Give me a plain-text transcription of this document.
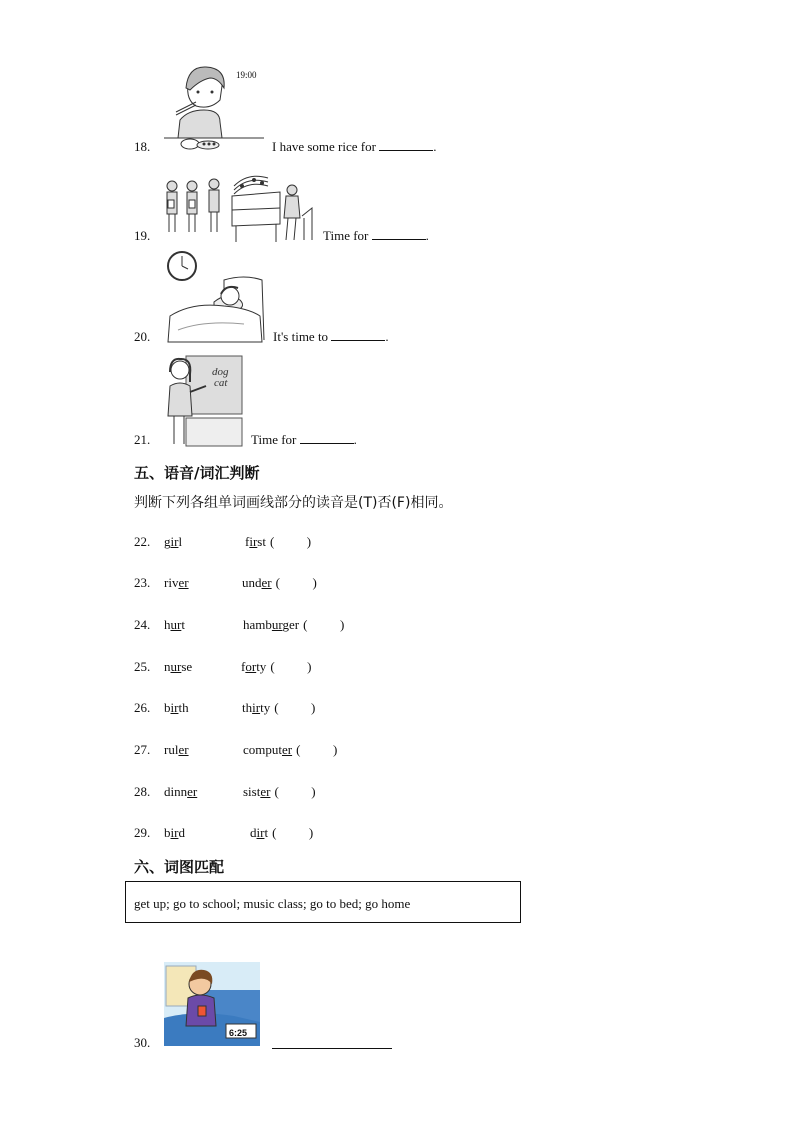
19:00
18.	I have some rice for	.
19.	Time for	.
20.	It's time to	.
dog
cat
21.	Time for	.
五、语音/词汇判断
判断下列各组单词画线部分的读音是(T)否(F)相同。
22. girl	first (          )
23. river	under (          )
24. hurt	hamburger (          )
25. nurse	forty (          )
26. birth	thirty (          )
27. ruler	computer (          )
28. dinner	sister (          )
29. bird	dirt (          )
六、词图匹配
get up; go to school; music class; go to bed; go home
6:25
30.
